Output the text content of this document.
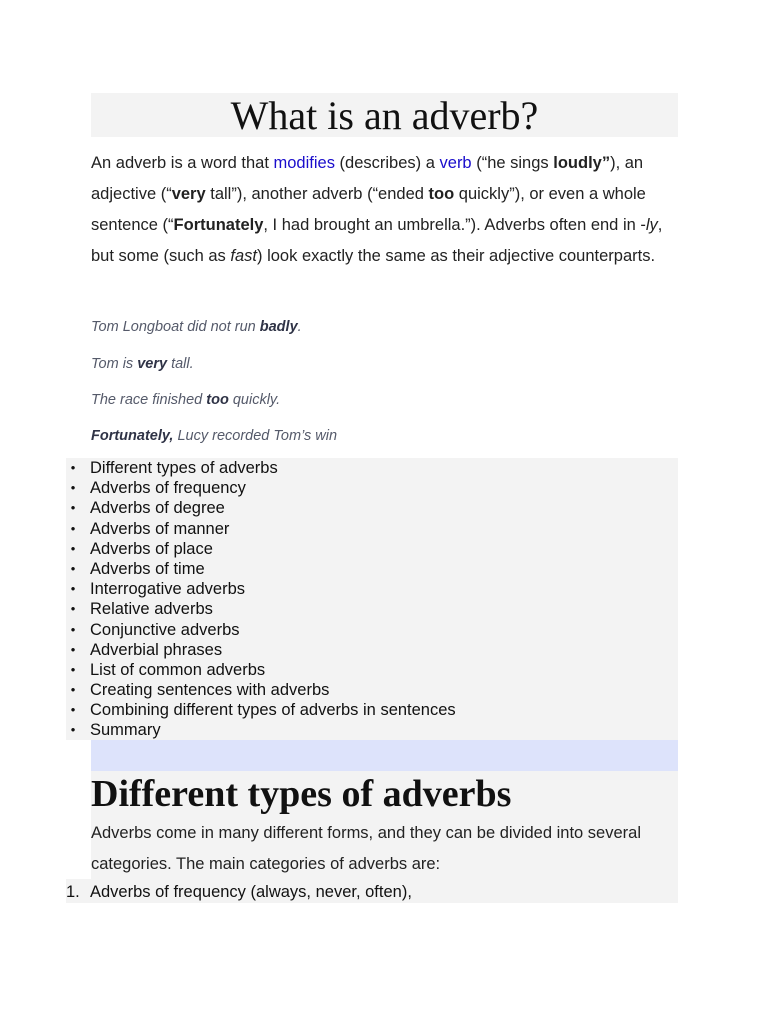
What is an adverb?

An adverb is a word that modifies (describes) a verb (“he sings loudly”), an adjective (“very tall”), another adverb (“ended too quickly”), or even a whole sentence (“Fortunately, I had brought an umbrella.”). Adverbs often end in -ly, but some (such as fast) look exactly the same as their adjective counterparts.

Tom Longboat did not run badly.

Tom is very tall.

The race finished too quickly.

Fortunately, Lucy recorded Tom’s win

• Different types of adverbs
• Adverbs of frequency
• Adverbs of degree
• Adverbs of manner
• Adverbs of place
• Adverbs of time
• Interrogative adverbs
• Relative adverbs
• Conjunctive adverbs
• Adverbial phrases
• List of common adverbs
• Creating sentences with adverbs
• Combining different types of adverbs in sentences
• Summary
Different types of adverbs

Adverbs come in many different forms, and they can be divided into several categories. The main categories of adverbs are:

1. Adverbs of frequency (always, never, often),
